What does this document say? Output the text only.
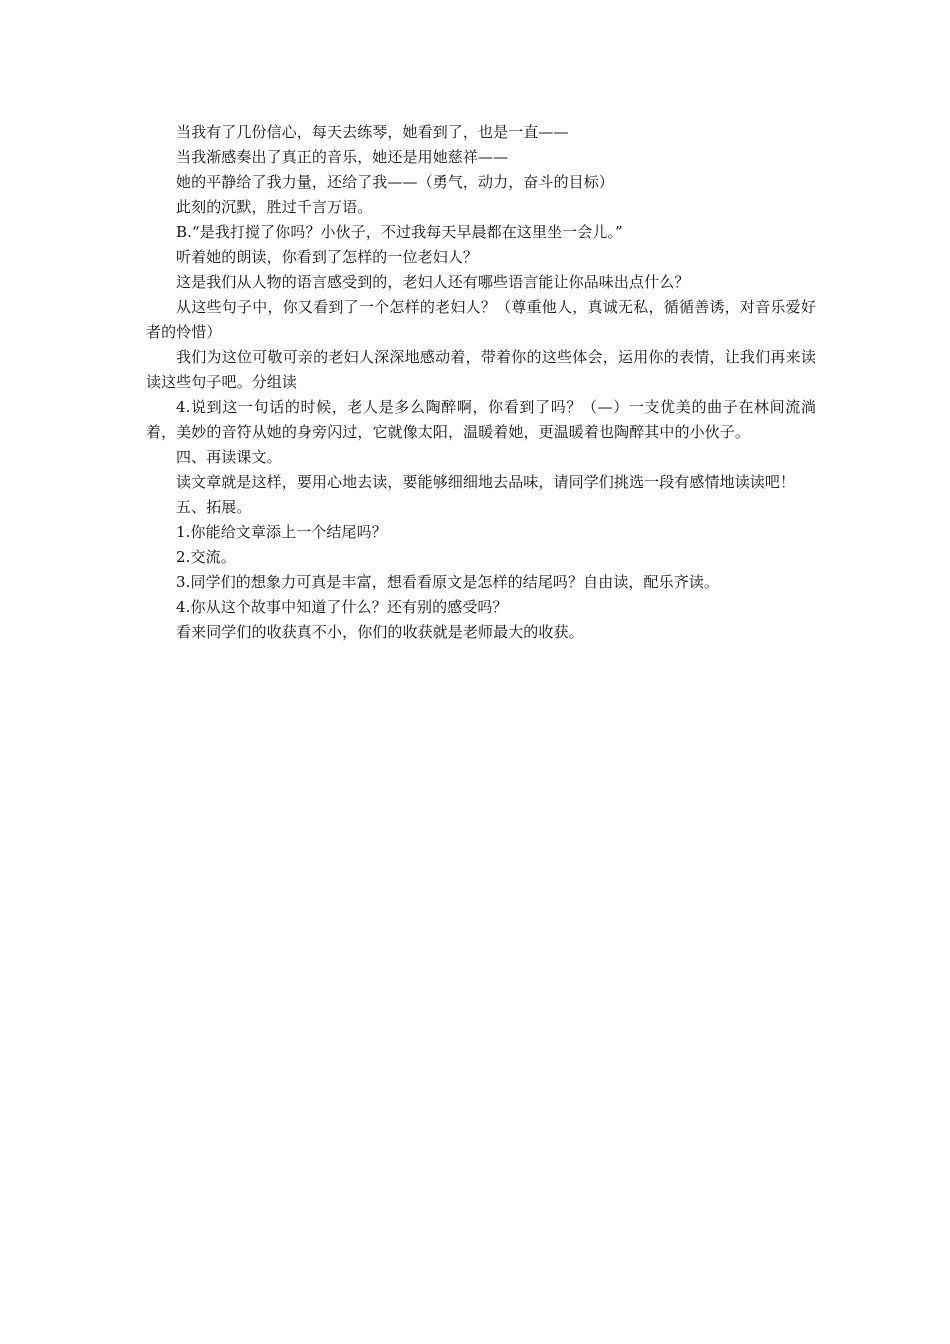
当我有了几份信心，每天去练琴，她看到了，也是一直——

当我渐感奏出了真正的音乐，她还是用她慈祥——

她的平静给了我力量，还给了我——（勇气，动力，奋斗的目标）

此刻的沉默，胜过千言万语。

B.“是我打搅了你吗？小伙子，不过我每天早晨都在这里坐一会儿。”

听着她的朗读，你看到了怎样的一位老妇人？

这是我们从人物的语言感受到的，老妇人还有哪些语言能让你品味出点什么？

从这些句子中，你又看到了一个怎样的老妇人？（尊重他人，真诚无私，循循善诱，对音乐爱好者的怜惜）

我们为这位可敬可亲的老妇人深深地感动着，带着你的这些体会，运用你的表情，让我们再来读读这些句子吧。分组读

4.说到这一句话的时候，老人是多么陶醉啊，你看到了吗？（—）一支优美的曲子在林间流淌着，美妙的音符从她的身旁闪过，它就像太阳，温暖着她，更温暖着也陶醉其中的小伙子。

四、再读课文。

读文章就是这样，要用心地去读，要能够细细地去品味，请同学们挑选一段有感情地读读吧！

五、拓展。

1.你能给文章添上一个结尾吗？

2.交流。

3.同学们的想象力可真是丰富，想看看原文是怎样的结尾吗？自由读，配乐齐读。

4.你从这个故事中知道了什么？还有别的感受吗？

看来同学们的收获真不小，你们的收获就是老师最大的收获。
